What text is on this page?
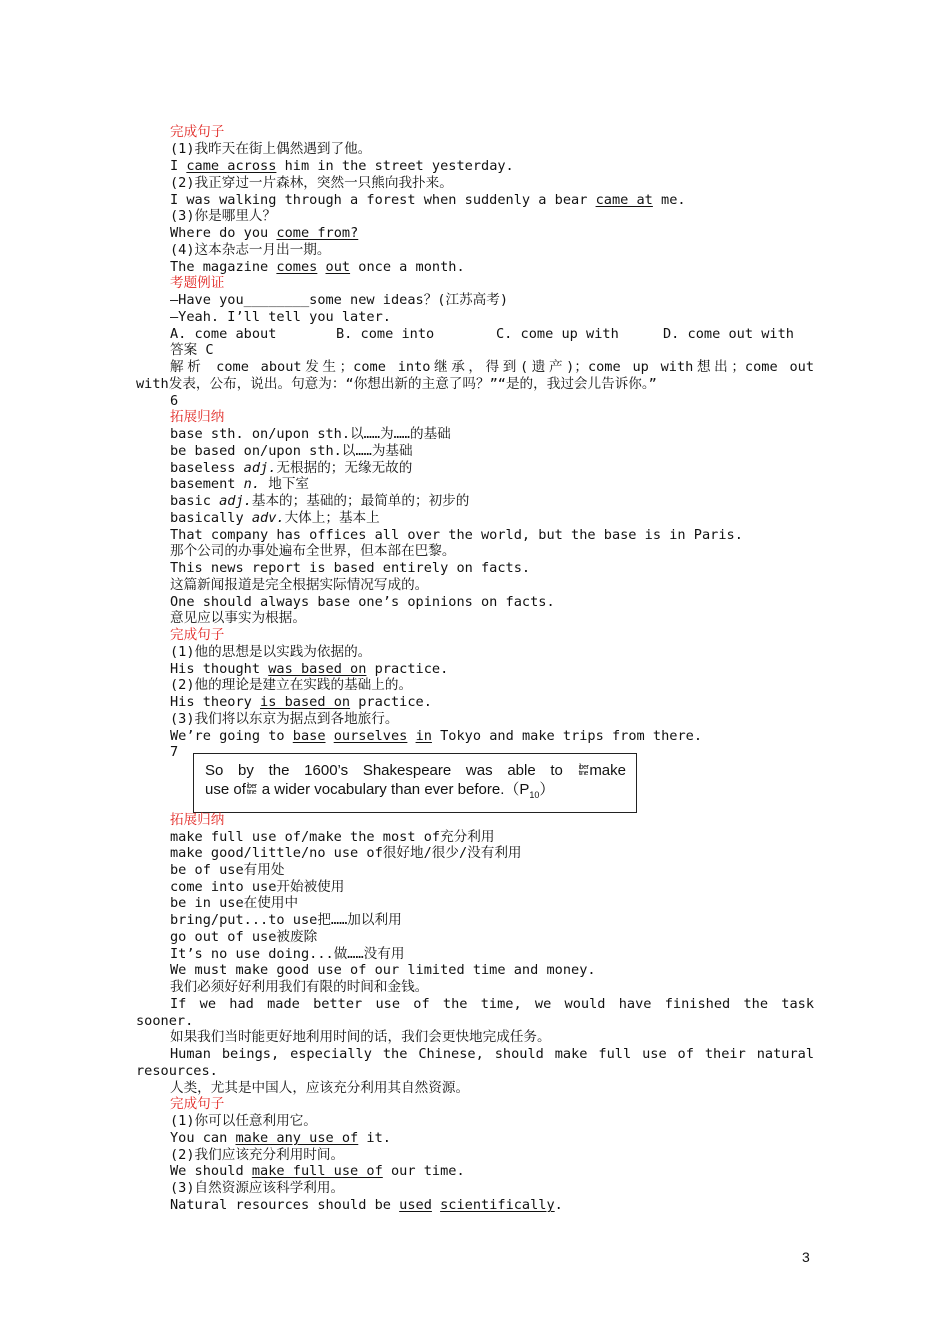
完成句子
(1)我昨天在街上偶然遇到了他。
I came across him in the street yesterday.
(2)我正穿过一片森林，突然一只熊向我扑来。
I was walking through a forest when suddenly a bear came at me.
(3)你是哪里人？
Where do you come from?
(4)这本杂志一月出一期。
The magazine comes out once a month.
考题例证
—Have you________some new ideas？(江苏高考)
—Yeah. I’ll tell you later.
A. come about	B. come into	C. come up with	D. come out with
答案 C
解析 come about发生；come into继承，得到(遗产)；come up with想出；come out
with发表，公布，说出。句意为：“你想出新的主意了吗？”“是的，我过会儿告诉你。”
6
拓展归纳
base sth. on/upon sth.以……为……的基础
be based on/upon sth.以……为基础
baseless adj.无根据的；无缘无故的
basement n. 地下室
basic adj.基本的；基础的；最简单的；初步的
basically adv.大体上；基本上
That company has offices all over the world, but the base is in Paris.
那个公司的办事处遍布全世界，但本部在巴黎。
This news report is based entirely on facts.
这篇新闻报道是完全根据实际情况写成的。
One should always base one’s opinions on facts.
意见应以事实为根据。
完成句子
(1)他的思想是以实践为依据的。
His thought was based on practice.
(2)他的理论是建立在实践的基础上的。
His theory is based on practice.
(3)我们将以东京为据点到各地旅行。
We’re going to base ourselves in Tokyo and make trips from there.
7
So by the 1600’s Shakespeare was able to iber
tine make
use of iber
tine a wider vocabulary than ever $before.(P_{10})$
拓展归纳
make full use of/make the most of充分利用
make good/little/no use of很好地/很少/没有利用
be of use有用处
come into use开始被使用
be in use在使用中
bring/put...to use把……加以利用
go out of use被废除
It’s no use doing...做……没有用
We must make good use of our limited time and money.
我们必须好好利用我们有限的时间和金钱。
If we had made better use of the time, we would have finished the task
sooner.
如果我们当时能更好地利用时间的话，我们会更快地完成任务。
Human beings, especially the Chinese, should make full use of their natural
resources.
人类，尤其是中国人，应该充分利用其自然资源。
完成句子
(1)你可以任意利用它。
You can make any use of it.
(2)我们应该充分利用时间。
We should make full use of our time.
(3)自然资源应该科学利用。
Natural resources should be used scientifically.
3
